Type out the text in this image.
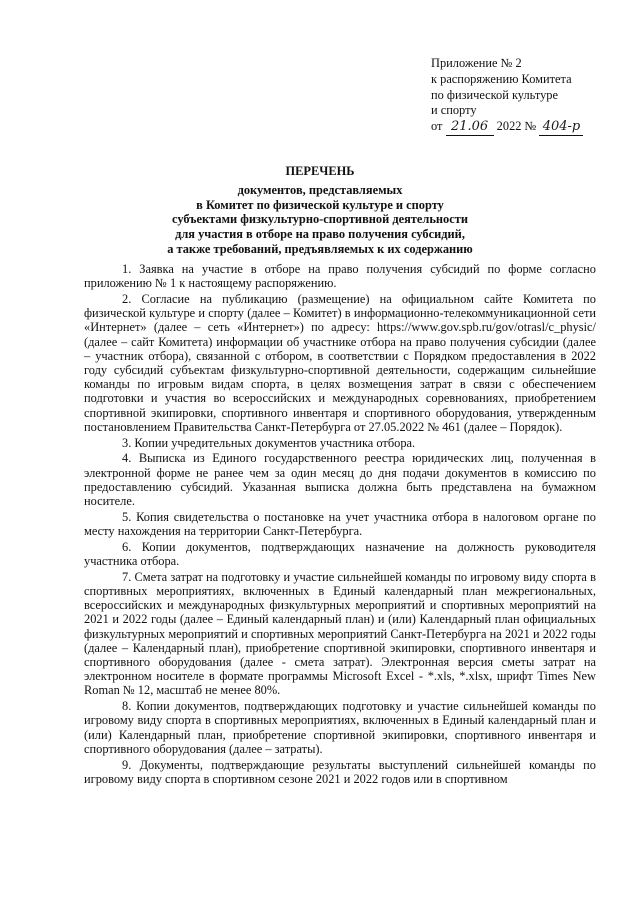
Приложение № 2
к распоряжению Комитета
по физической культуре
и спорту
от 21.06 2022 № 404-р
ПЕРЕЧЕНЬ
документов, представляемых
в Комитет по физической культуре и спорту
субъектами физкультурно-спортивной деятельности
для участия в отборе на право получения субсидий,
а также требований, предъявляемых к их содержанию

1. Заявка на участие в отборе на право получения субсидий по форме согласно приложению № 1 к настоящему распоряжению.

2. Согласие на публикацию (размещение) на официальном сайте Комитета по физической культуре и спорту (далее – Комитет) в информационно-телекоммуникационной сети «Интернет» (далее – сеть «Интернет») по адресу: https://www.gov.spb.ru/gov/otrasl/c_physic/ (далее – сайт Комитета) информации об участнике отбора на право получения субсидии (далее – участник отбора), связанной с отбором, в соответствии с Порядком предоставления в 2022 году субсидий субъектам физкультурно-спортивной деятельности, содержащим сильнейшие команды по игровым видам спорта, в целях возмещения затрат в связи с обеспечением подготовки и участия во всероссийских и международных соревнованиях, приобретением спортивной экипировки, спортивного инвентаря и спортивного оборудования, утвержденным постановлением Правительства Санкт-Петербурга от 27.05.2022 № 461 (далее – Порядок).

3. Копии учредительных документов участника отбора.

4. Выписка из Единого государственного реестра юридических лиц, полученная в электронной форме не ранее чем за один месяц до дня подачи документов в комиссию по предоставлению субсидий. Указанная выписка должна быть представлена на бумажном носителе.

5. Копия свидетельства о постановке на учет участника отбора в налоговом органе по месту нахождения на территории Санкт-Петербурга.

6. Копии документов, подтверждающих назначение на должность руководителя участника отбора.

7. Смета затрат на подготовку и участие сильнейшей команды по игровому виду спорта в спортивных мероприятиях, включенных в Единый календарный план межрегиональных, всероссийских и международных физкультурных мероприятий и спортивных мероприятий на 2021 и 2022 годы (далее – Единый календарный план) и (или) Календарный план официальных физкультурных мероприятий и спортивных мероприятий Санкт-Петербурга на 2021 и 2022 годы (далее – Календарный план), приобретение спортивной экипировки, спортивного инвентаря и спортивного оборудования (далее - смета затрат). Электронная версия сметы затрат на электронном носителе в формате программы Microsoft Excel - *.xls, *.xlsx, шрифт Times New Roman № 12, масштаб не менее 80%.

8. Копии документов, подтверждающих подготовку и участие сильнейшей команды по игровому виду спорта в спортивных мероприятиях, включенных в Единый календарный план и (или) Календарный план, приобретение спортивной экипировки, спортивного инвентаря и спортивного оборудования (далее – затраты).

9. Документы, подтверждающие результаты выступлений сильнейшей команды по игровому виду спорта в спортивном сезоне 2021 и 2022 годов или в спортивном
